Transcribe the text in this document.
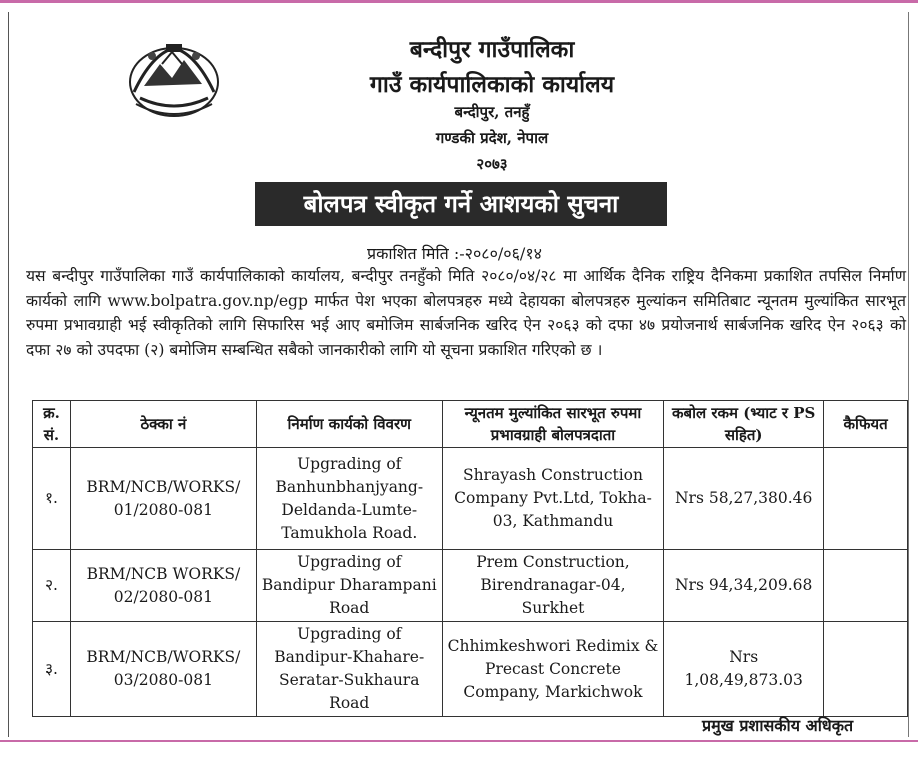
बन्दीपुर गाउँपालिका
गाउँ कार्यपालिकाको कार्यालय
बन्दीपुर, तनहुँ
गण्डकी प्रदेश, नेपाल
२०७३
बोलपत्र स्वीकृत गर्ने आशयको सुचना
प्रकाशित मिति :-२०८०/०६/१४
यस बन्दीपुर गाउँपालिका गाउँ कार्यपालिकाको कार्यालय, बन्दीपुर तनहुँको मिति २०८०/०४/२८ मा आर्थिक दैनिक राष्ट्रिय दैनिकमा प्रकाशित तपसिल निर्माण कार्यको लागि www.bolpatra.gov.np/egp मार्फत पेश भएका बोलपत्रहरु मध्ये देहायका बोलपत्रहरु मुल्यांकन समितिबाट न्यूनतम मुल्यांकित सारभूत रुपमा प्रभावग्राही भई स्वीकृतिको लागि सिफारिस भई आए बमोजिम सार्बजनिक खरिद ऐन २०६३ को दफा ४७ प्रयोजनार्थ सार्बजनिक खरिद ऐन २०६३ को दफा २७ को उपदफा (२) बमोजिम सम्बन्धित सबैको जानकारीको लागि यो सूचना प्रकाशित गरिएको छ ।
क्र. सं.	ठेक्का नं	निर्माण कार्यको विवरण	न्यूनतम मुल्यांकित सारभूत रुपमा प्रभावग्राही बोलपत्रदाता	कबोल रकम (भ्याट र PS सहित)	कैफियत
१.	BRM/NCB/WORKS/ 01/2080-081	Upgrading of Banhunbhanjyang-Deldanda-Lumte-Tamukhola Road.	Shrayash Construction Company Pvt.Ltd, Tokha-03, Kathmandu	Nrs 58,27,380.46	
२.	BRM/NCB WORKS/ 02/2080-081	Upgrading of Bandipur Dharampani Road	Prem Construction, Birendranagar-04, Surkhet	Nrs 94,34,209.68	
३.	BRM/NCB/WORKS/ 03/2080-081	Upgrading of Bandipur-Khahare-Seratar-Sukhaura Road	Chhimkeshwori Redimix & Precast Concrete Company, Markichwok	Nrs 1,08,49,873.03	
प्रमुख प्रशासकीय अधिकृत
